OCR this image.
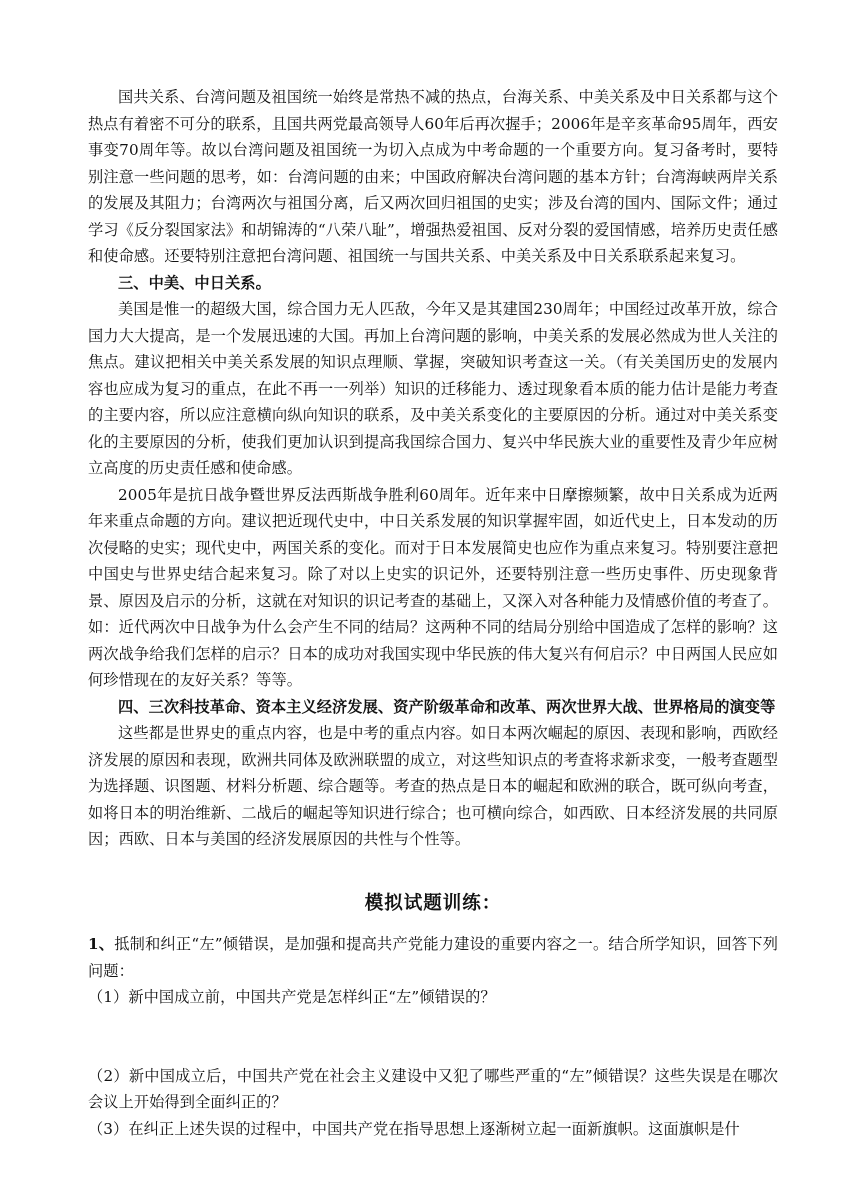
国共关系、台湾问题及祖国统一始终是常热不减的热点，台海关系、中美关系及中日关系都与这个热点有着密不可分的联系，且国共两党最高领导人60年后再次握手；2006年是辛亥革命95周年，西安事变70周年等。故以台湾问题及祖国统一为切入点成为中考命题的一个重要方向。复习备考时，要特别注意一些问题的思考，如：台湾问题的由来；中国政府解决台湾问题的基本方针；台湾海峡两岸关系的发展及其阻力；台湾两次与祖国分离，后又两次回归祖国的史实；涉及台湾的国内、国际文件；通过学习《反分裂国家法》和胡锦涛的“八荣八耻”，增强热爱祖国、反对分裂的爱国情感，培养历史责任感和使命感。还要特别注意把台湾问题、祖国统一与国共关系、中美关系及中日关系联系起来复习。

三、中美、中日关系。

美国是惟一的超级大国，综合国力无人匹敌，今年又是其建国230周年；中国经过改革开放，综合国力大大提高，是一个发展迅速的大国。再加上台湾问题的影响，中美关系的发展必然成为世人关注的焦点。建议把相关中美关系发展的知识点理顺、掌握，突破知识考查这一关。（有关美国历史的发展内容也应成为复习的重点，在此不再一一列举）知识的迁移能力、透过现象看本质的能力估计是能力考查的主要内容，所以应注意横向纵向知识的联系，及中美关系变化的主要原因的分析。通过对中美关系变化的主要原因的分析，使我们更加认识到提高我国综合国力、复兴中华民族大业的重要性及青少年应树立高度的历史责任感和使命感。

2005年是抗日战争暨世界反法西斯战争胜利60周年。近年来中日摩擦频繁，故中日关系成为近两年来重点命题的方向。建议把近现代史中，中日关系发展的知识掌握牢固，如近代史上，日本发动的历次侵略的史实；现代史中，两国关系的变化。而对于日本发展简史也应作为重点来复习。特别要注意把中国史与世界史结合起来复习。除了对以上史实的识记外，还要特别注意一些历史事件、历史现象背景、原因及启示的分析，这就在对知识的识记考查的基础上，又深入对各种能力及情感价值的考查了。如：近代两次中日战争为什么会产生不同的结局？这两种不同的结局分别给中国造成了怎样的影响？这两次战争给我们怎样的启示？日本的成功对我国实现中华民族的伟大复兴有何启示？中日两国人民应如何珍惜现在的友好关系？等等。

四、三次科技革命、资本主义经济发展、资产阶级革命和改革、两次世界大战、世界格局的演变等

这些都是世界史的重点内容，也是中考的重点内容。如日本两次崛起的原因、表现和影响，西欧经济发展的原因和表现，欧洲共同体及欧洲联盟的成立，对这些知识点的考查将求新求变，一般考查题型为选择题、识图题、材料分析题、综合题等。考查的热点是日本的崛起和欧洲的联合，既可纵向考查，如将日本的明治维新、二战后的崛起等知识进行综合；也可横向综合，如西欧、日本经济发展的共同原因；西欧、日本与美国的经济发展原因的共性与个性等。

模拟试题训练：

1、抵制和纠正“左”倾错误，是加强和提高共产党能力建设的重要内容之一。结合所学知识，回答下列问题：

（1）新中国成立前，中国共产党是怎样纠正“左”倾错误的？

（2）新中国成立后，中国共产党在社会主义建设中又犯了哪些严重的“左”倾错误？这些失误是在哪次会议上开始得到全面纠正的？

（3）在纠正上述失误的过程中，中国共产党在指导思想上逐渐树立起一面新旗帜。这面旗帜是什
